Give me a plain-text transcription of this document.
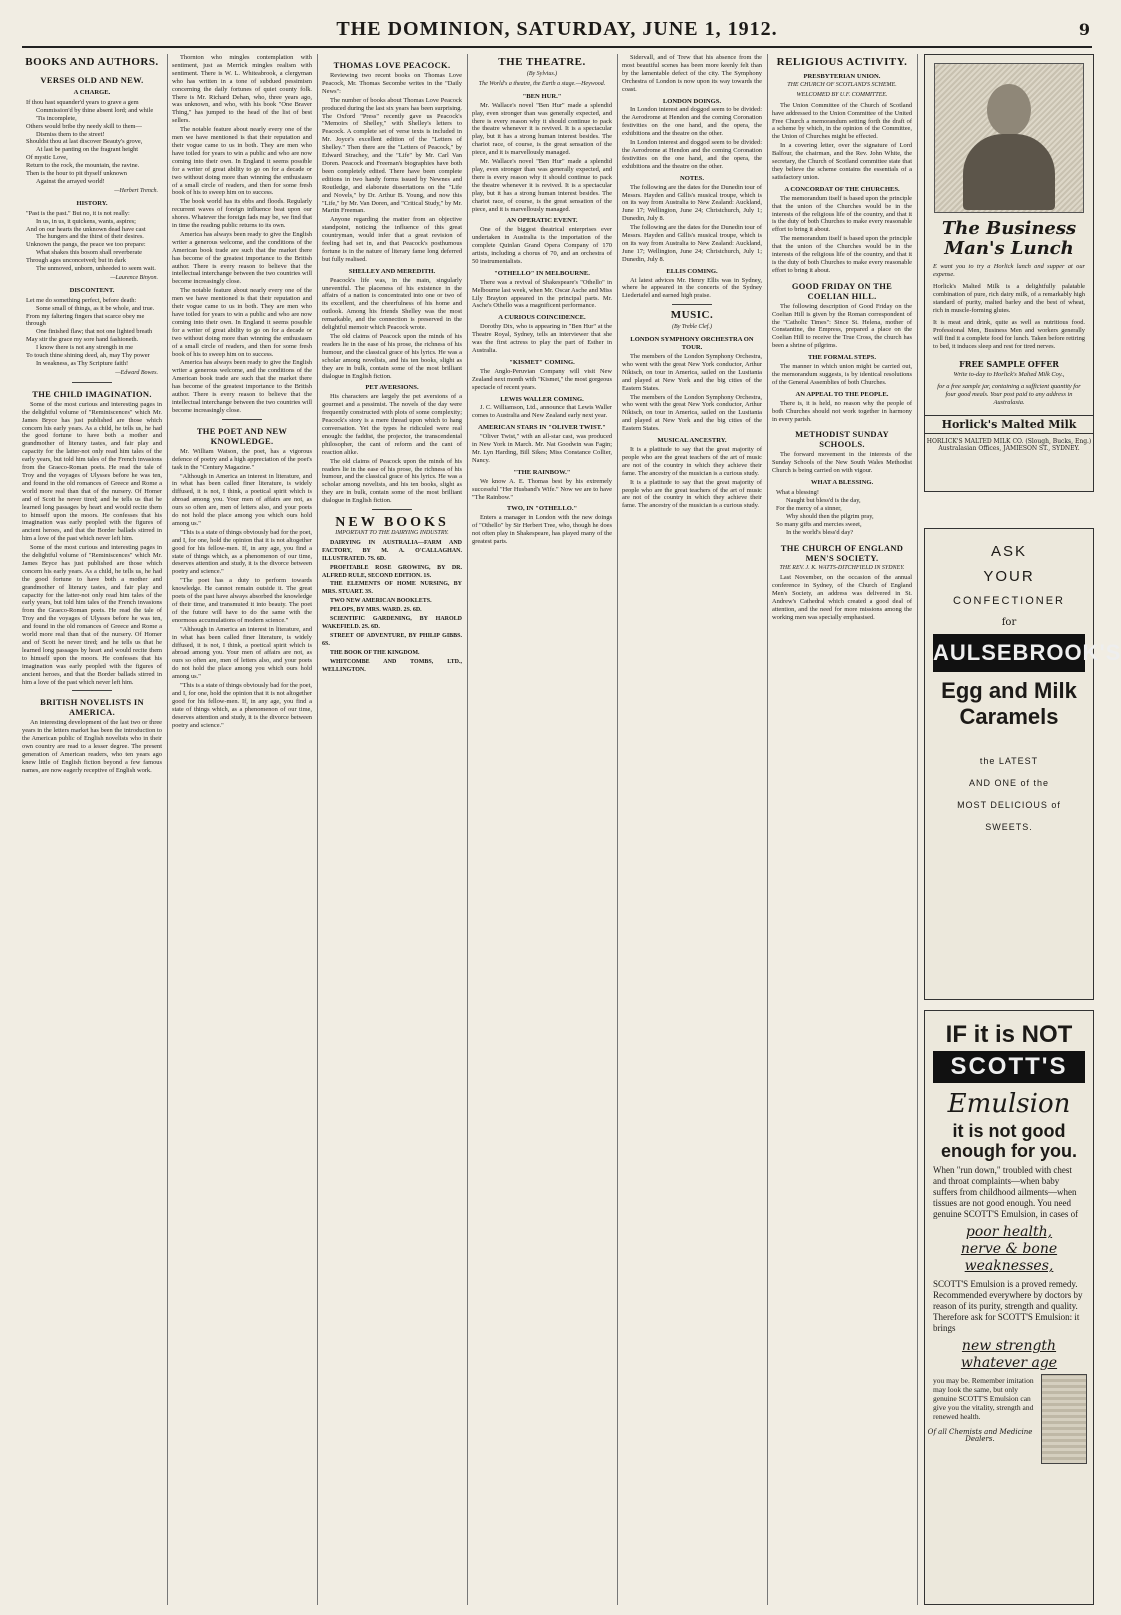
THE DOMINION, SATURDAY, JUNE 1, 1912.	9
BOOKS AND AUTHORS.
VERSES OLD AND NEW.
A CHARGE.
If thou hast squander'd years to grave a gem
Commission'd by thine absent lord; and while
'Tis incomplete,
Others would bribe thy needy skill to them—
Dismiss them to the street!
Shouldst thou at last discover Beauty's grove,
At last be panting on the fragrant height
Of mystic Love,
Return to the rock, the mountain, the ravine.
Then is the hour to pit thyself unknown
Against the arrayed world!
—Herbert Trench.
HISTORY.
"Past is the past." But no, it is not really:
In us, in us, it quickens, wants, aspires;
And on our hearts the unknown dead have cast
The hungers and the thirst of their desires.
Unknown the pangs, the peace we too prepare:
What shakes this bosom shall reverberate
Through ages unconceived; but in dark
The unmoved, unborn, unheeded to seem wait.
—Laurence Binyon.
DISCONTENT.
Let me do something perfect, before death:
Some small of things, as it be whole, and true.
From my faltering fingers that scarce obey me through
One finished flaw; that not one lighted breath
May stir the grace my sore hand fashioneth.
I know there is not any strength in me
To touch thine shining deed, ah, may Thy power
In weakness, as Thy Scripture faith!
—Edward Bowes.
THE CHILD IMAGINATION.

Some of the most curious and interesting pages in the delightful volume of "Reminiscences" which Mr. James Bryce has just published are those which concern his early years. As a child, he tells us, he had the good fortune to have both a mother and grandmother of literary tastes, and fair play and capacity for the latter-not only read him tales of the early years, but told him tales of the French invasions from the Graeco-Roman poets. He read the tale of Troy and the voyages of Ulysses before he was ten, and found in the old romances of Greece and Rome a world more real than that of the nursery. Of Homer and of Scott he never tired; and he tells us that he learned long passages by heart and would recite them to himself upon the moors. He confesses that his imagination was early peopled with the figures of ancient heroes, and that the Border ballads stirred in him a love of the past which never left him.

Some of the most curious and interesting pages in the delightful volume of "Reminiscences" which Mr. James Bryce has just published are those which concern his early years. As a child, he tells us, he had the good fortune to have both a mother and grandmother of literary tastes, and fair play and capacity for the latter-not only read him tales of the early years, but told him tales of the French invasions from the Graeco-Roman poets. He read the tale of Troy and the voyages of Ulysses before he was ten, and found in the old romances of Greece and Rome a world more real than that of the nursery. Of Homer and of Scott he never tired; and he tells us that he learned long passages by heart and would recite them to himself upon the moors. He confesses that his imagination was early peopled with the figures of ancient heroes, and that the Border ballads stirred in him a love of the past which never left him.

BRITISH NOVELISTS IN AMERICA.

An interesting development of the last two or three years in the letters market has been the introduction to the American public of English novelists who in their own country are read to a lesser degree. The present generation of American readers, who ten years ago knew little of English fiction beyond a few famous names, are now eagerly receptive of English work.

Thornton who mingles contemplation with sentiment, just as Merrick mingles realism with sentiment. There is W. L. Whiteabrook, a clergyman who has written in a tone of subdued pessimism concerning the daily fortunes of quiet county folk. There is Mr. Richard Dehan, who, three years ago, was unknown, and who, with his book "One Braver Thing," has jumped to the head of the list of best sellers.

The notable feature about nearly every one of the men we have mentioned is that their reputation and their vogue came to us in both. They are men who have toiled for years to win a public and who are now coming into their own. In England it seems possible for a writer of great ability to go on for a decade or two without doing more than winning the enthusiasm of a small circle of readers, and then for some fresh book of his to sweep him on to success.

The book world has its ebbs and floods. Regularly recurrent waves of foreign influence beat upon our shores. Whatever the foreign fads may be, we find that in time the reading public returns to its own.

America has always been ready to give the English writer a generous welcome, and the conditions of the American book trade are such that the market there has become of the greatest importance to the British author. There is every reason to believe that the intellectual interchange between the two countries will become increasingly close.

The notable feature about nearly every one of the men we have mentioned is that their reputation and their vogue came to us in both. They are men who have toiled for years to win a public and who are now coming into their own. In England it seems possible for a writer of great ability to go on for a decade or two without doing more than winning the enthusiasm of a small circle of readers, and then for some fresh book of his to sweep him on to success.

America has always been ready to give the English writer a generous welcome, and the conditions of the American book trade are such that the market there has become of the greatest importance to the British author. There is every reason to believe that the intellectual interchange between the two countries will become increasingly close.

THE POET AND NEW KNOWLEDGE.

Mr. William Watson, the poet, has a vigorous defence of poetry and a high appreciation of the poet's task in the "Century Magazine."

"Although in America an interest in literature, and in what has been called finer literature, is widely diffused, it is not, I think, a poetical spirit which is abroad among you. Your men of affairs are not, as ours so often are, men of letters also, and your poets do not hold the place among you which ours hold among us."

"This is a state of things obviously bad for the poet, and I, for one, hold the opinion that it is not altogether good for his fellow-men. If, in any age, you find a state of things which, as a phenomenon of our time, deserves attention and study, it is the divorce between poetry and science."

"The poet has a duty to perform towards knowledge. He cannot remain outside it. The great poets of the past have always absorbed the knowledge of their time, and transmuted it into beauty. The poet of the future will have to do the same with the enormous accumulations of modern science."

"Although in America an interest in literature, and in what has been called finer literature, is widely diffused, it is not, I think, a poetical spirit which is abroad among you. Your men of affairs are not, as ours so often are, men of letters also, and your poets do not hold the place among you which ours hold among us."

"This is a state of things obviously bad for the poet, and I, for one, hold the opinion that it is not altogether good for his fellow-men. If, in any age, you find a state of things which, as a phenomenon of our time, deserves attention and study, it is the divorce between poetry and science."

THOMAS LOVE PEACOCK.

Reviewing two recent books on Thomas Love Peacock, Mr. Thomas Secombe writes in the "Daily News":

The number of books about Thomas Love Peacock produced during the last six years has been surprising. The Oxford "Press" recently gave us Peacock's "Memoirs of Shelley," with Shelley's letters to Peacock. A complete set of verse texts is included in Mr. Joyce's excellent edition of the "Letters of Shelley." Then there are the "Letters of Peacock," by Edward Strachey, and the "Life" by Mr. Carl Van Doren. Peacock and Freeman's biographies have both been completely edited. There have been complete editions in two handy forms issued by Newnes and Routledge, and elaborate dissertations on the "Life and Novels," by Dr. Arthur B. Young, and now this "Life," by Mr. Van Doren, and "Critical Study," by Mr. Martin Freeman.

Anyone regarding the matter from an objective standpoint, noticing the influence of this great countryman, would infer that a great revision of feeling had set in, and that Peacock's posthumous fortune is in the nature of literary fame long deferred but fully realised.

SHELLEY AND MEREDITH.

Peacock's life was, in the main, singularly uneventful. The placeness of his existence in the affairs of a nation is concentrated into one or two of its excellent, and the cheerfulness of his home and outlook. Among his friends Shelley was the most remarkable, and the connection is preserved in the delightful memoir which Peacock wrote.

The old claims of Peacock upon the minds of his readers lie in the ease of his prose, the richness of his humour, and the classical grace of his lyrics. He was a scholar among novelists, and his ten books, slight as they are in bulk, contain some of the most brilliant dialogue in English fiction.

PET AVERSIONS.

His characters are largely the pet aversions of a gourmet and a pessimist. The novels of the day were frequently constructed with plots of some complexity; Peacock's story is a mere thread upon which to hang conversation. Yet the types he ridiculed were real enough: the faddist, the projector, the transcendental philosopher, the cant of reform and the cant of reaction alike.

The old claims of Peacock upon the minds of his readers lie in the ease of his prose, the richness of his humour, and the classical grace of his lyrics. He was a scholar among novelists, and his ten books, slight as they are in bulk, contain some of the most brilliant dialogue in English fiction.

NEW BOOKS
IMPORTANT TO THE DAIRYING INDUSTRY.

DAIRYING IN AUSTRALIA—FARM AND FACTORY, BY M. A. O'CALLAGHAN. ILLUSTRATED. 7S. 6D.

PROFITABLE ROSE GROWING, BY DR. ALFRED RULE, SECOND EDITION. 1S.

THE ELEMENTS OF HOME NURSING, BY MRS. STUART. 3S.

TWO NEW AMERICAN BOOKLETS.

PELOPS, BY MRS. WARD. 2S. 6D.

SCIENTIFIC GARDENING, BY HAROLD WAKEFIELD. 2S. 6D.

STREET OF ADVENTURE, BY PHILIP GIBBS. 6S.

THE BOOK OF THE KINGDOM.

WHITCOMBE AND TOMBS, LTD., WELLINGTON.

THE THEATRE.
(By Sylvius.)
The World's a theatre, the Earth a stage.—Heywood.
"BEN HUR."

Mr. Wallace's novel "Ben Hur" made a splendid play, even stronger than was generally expected, and there is every reason why it should continue to pack the theatre whenever it is revived. It is a spectacular play, but it has a strong human interest besides. The chariot race, of course, is the great sensation of the piece, and it is marvellously managed.

Mr. Wallace's novel "Ben Hur" made a splendid play, even stronger than was generally expected, and there is every reason why it should continue to pack the theatre whenever it is revived. It is a spectacular play, but it has a strong human interest besides. The chariot race, of course, is the great sensation of the piece, and it is marvellously managed.

AN OPERATIC EVENT.

One of the biggest theatrical enterprises ever undertaken in Australia is the importation of the complete Quinlan Grand Opera Company of 170 artists, including a chorus of 70, and an orchestra of 50 instrumentalists.

"OTHELLO" IN MELBOURNE.

There was a revival of Shakespeare's "Othello" in Melbourne last week, when Mr. Oscar Asche and Miss Lily Brayton appeared in the principal parts. Mr. Asche's Othello was a magnificent performance.

A CURIOUS COINCIDENCE.

Dorothy Dix, who is appearing in "Ben Hur" at the Theatre Royal, Sydney, tells an interviewer that she was the first actress to play the part of Esther in Australia.

"KISMET" COMING.

The Anglo-Peruvian Company will visit New Zealand next month with "Kismet," the most gorgeous spectacle of recent years.

LEWIS WALLER COMING.

J. C. Williamson, Ltd., announce that Lewis Waller comes to Australia and New Zealand early next year.

AMERICAN STARS IN "OLIVER TWIST."

"Oliver Twist," with an all-star cast, was produced in New York in March. Mr. Nat Goodwin was Fagin; Mr. Lyn Harding, Bill Sikes; Miss Constance Collier, Nancy.

"THE RAINBOW."

We know A. E. Thomas best by his extremely successful "Her Husband's Wife." Now we are to have "The Rainbow."

TWO, IN "OTHELLO."

Enters a manager in London with the new doings of "Othello" by Sir Herbert Tree, who, though he does not often play in Shakespeare, has played many of the greatest parts.

Sidervall, and of Trew that his absence from the most beautiful scenes has been more keenly felt than by the lamentable defect of the city. The Symphony Orchestra of London is now upon its way towards the coast.

LONDON DOINGS.

In London interest and doggod seem to be divided: the Aerodrome at Hendon and the coming Coronation festivities on the one hand, and the opera, the exhibitions and the theatre on the other.

In London interest and doggod seem to be divided: the Aerodrome at Hendon and the coming Coronation festivities on the one hand, and the opera, the exhibitions and the theatre on the other.

NOTES.

The following are the dates for the Dunedin tour of Messrs. Hayden and Gillis's musical troupe, which is on its way from Australia to New Zealand: Auckland, June 17; Wellington, June 24; Christchurch, July 1; Dunedin, July 8.

The following are the dates for the Dunedin tour of Messrs. Hayden and Gillis's musical troupe, which is on its way from Australia to New Zealand: Auckland, June 17; Wellington, June 24; Christchurch, July 1; Dunedin, July 8.

ELLIS COMING.

At latest advices Mr. Henry Ellis was in Sydney, where he appeared in the concerts of the Sydney Liedertafel and earned high praise.

MUSIC.
(By Treble Clef.)
LONDON SYMPHONY ORCHESTRA ON TOUR.

The members of the London Symphony Orchestra, who went with the great New York conductor, Arthur Nikisch, on tour in America, sailed on the Lusitania and played at New York and the big cities of the Eastern States.

The members of the London Symphony Orchestra, who went with the great New York conductor, Arthur Nikisch, on tour in America, sailed on the Lusitania and played at New York and the big cities of the Eastern States.

MUSICAL ANCESTRY.

It is a platitude to say that the great majority of people who are the great teachers of the art of music are not of the country in which they achieve their fame. The ancestry of the musician is a curious study.

It is a platitude to say that the great majority of people who are the great teachers of the art of music are not of the country in which they achieve their fame. The ancestry of the musician is a curious study.

RELIGIOUS ACTIVITY.
PRESBYTERIAN UNION.
THE CHURCH OF SCOTLAND'S SCHEME.
WELCOMED BY U.F. COMMITTEE.

The Union Committee of the Church of Scotland have addressed to the Union Committee of the United Free Church a memorandum setting forth the draft of a scheme by which, in the opinion of the Committee, the Union of Churches might be effected.

In a covering letter, over the signature of Lord Balfour, the chairman, and the Rev. John White, the secretary, the Church of Scotland committee state that they believe the scheme contains the essentials of a satisfactory union.

A CONCORDAT OF THE CHURCHES.

The memorandum itself is based upon the principle that the union of the Churches would be in the interests of the religious life of the country, and that it is the duty of both Churches to make every reasonable effort to bring it about.

The memorandum itself is based upon the principle that the union of the Churches would be in the interests of the religious life of the country, and that it is the duty of both Churches to make every reasonable effort to bring it about.

GOOD FRIDAY ON THE COELIAN HILL.

The following description of Good Friday on the Coelian Hill is given by the Roman correspondent of the "Catholic Times": Since St. Helena, mother of Constantine, the Empress, prepared a place on the Coelian Hill to receive the True Cross, the church has been a shrine of pilgrims.

THE FORMAL STEPS.

The manner in which union might be carried out, the memorandum suggests, is by identical resolutions of the General Assemblies of both Churches.

AN APPEAL TO THE PEOPLE.

There is, it is held, no reason why the people of both Churches should not work together in harmony in every parish.

METHODIST SUNDAY SCHOOLS.

The forward movement in the interests of the Sunday Schools of the New South Wales Methodist Church is being carried on with vigour.

WHAT A BLESSING.
What a blessing!
Naught but bless'd is the day,
For the mercy of a sinner,
Why should then the pilgrim pray,
So many gifts and mercies sweet,
In the world's bless'd day?
THE CHURCH OF ENGLAND MEN'S SOCIETY.
THE REV. J. K. WATTS-DITCHFIELD IN SYDNEY.

Last November, on the occasion of the annual conference in Sydney, of the Church of England Men's Society, an address was delivered in St. Andrew's Cathedral which created a good deal of attention, and the need for more missions among the working men was specially emphasised.

The Business Man's Lunch
E want you to try a Horlick lunch and supper at our expense.
Horlick's Malted Milk is a delightfully palatable combination of pure, rich dairy milk, of a remarkably high standard of purity, malted barley and the best of wheat, rich in muscle-forming glutes.
It is meat and drink, quite as well as nutritious food. Professional Men, Business Men and workers generally will find it a complete food for lunch. Taken before retiring to bed, it induces sleep and rest for tired nerves.
FREE SAMPLE OFFER
Write to-day to Horlick's Malted Milk Coy.,
for a free sample jar, containing a sufficient quantity for four good meals. Your post paid to any address in Australasia.
Horlick's Malted Milk
HORLICK'S MALTED MILK CO. (Slough, Bucks, Eng.) Australasian Offices, JAMIESON ST., SYDNEY.
ASK
YOUR
CONFECTIONER
for
AULSEBROOK'S
Egg and Milk
Caramels
the LATEST
AND ONE of the
MOST DELICIOUS of
SWEETS.
IF it is NOT
SCOTT'S
Emulsion
it is not good enough for you.
When "run down," troubled with chest and throat complaints—when baby suffers from childhood ailments—when tissues are not good enough. You need genuine SCOTT'S Emulsion, in cases of
poor health,
nerve & bone
weaknesses,
SCOTT'S Emulsion is a proved remedy. Recommended everywhere by doctors by reason of its purity, strength and quality. Therefore ask for SCOTT'S Emulsion: it brings
new strength
whatever age
you may be. Remember imitation may look the same, but only genuine SCOTT'S Emulsion can give you the vitality, strength and renewed health.
Of all Chemists and Medicine Dealers.
